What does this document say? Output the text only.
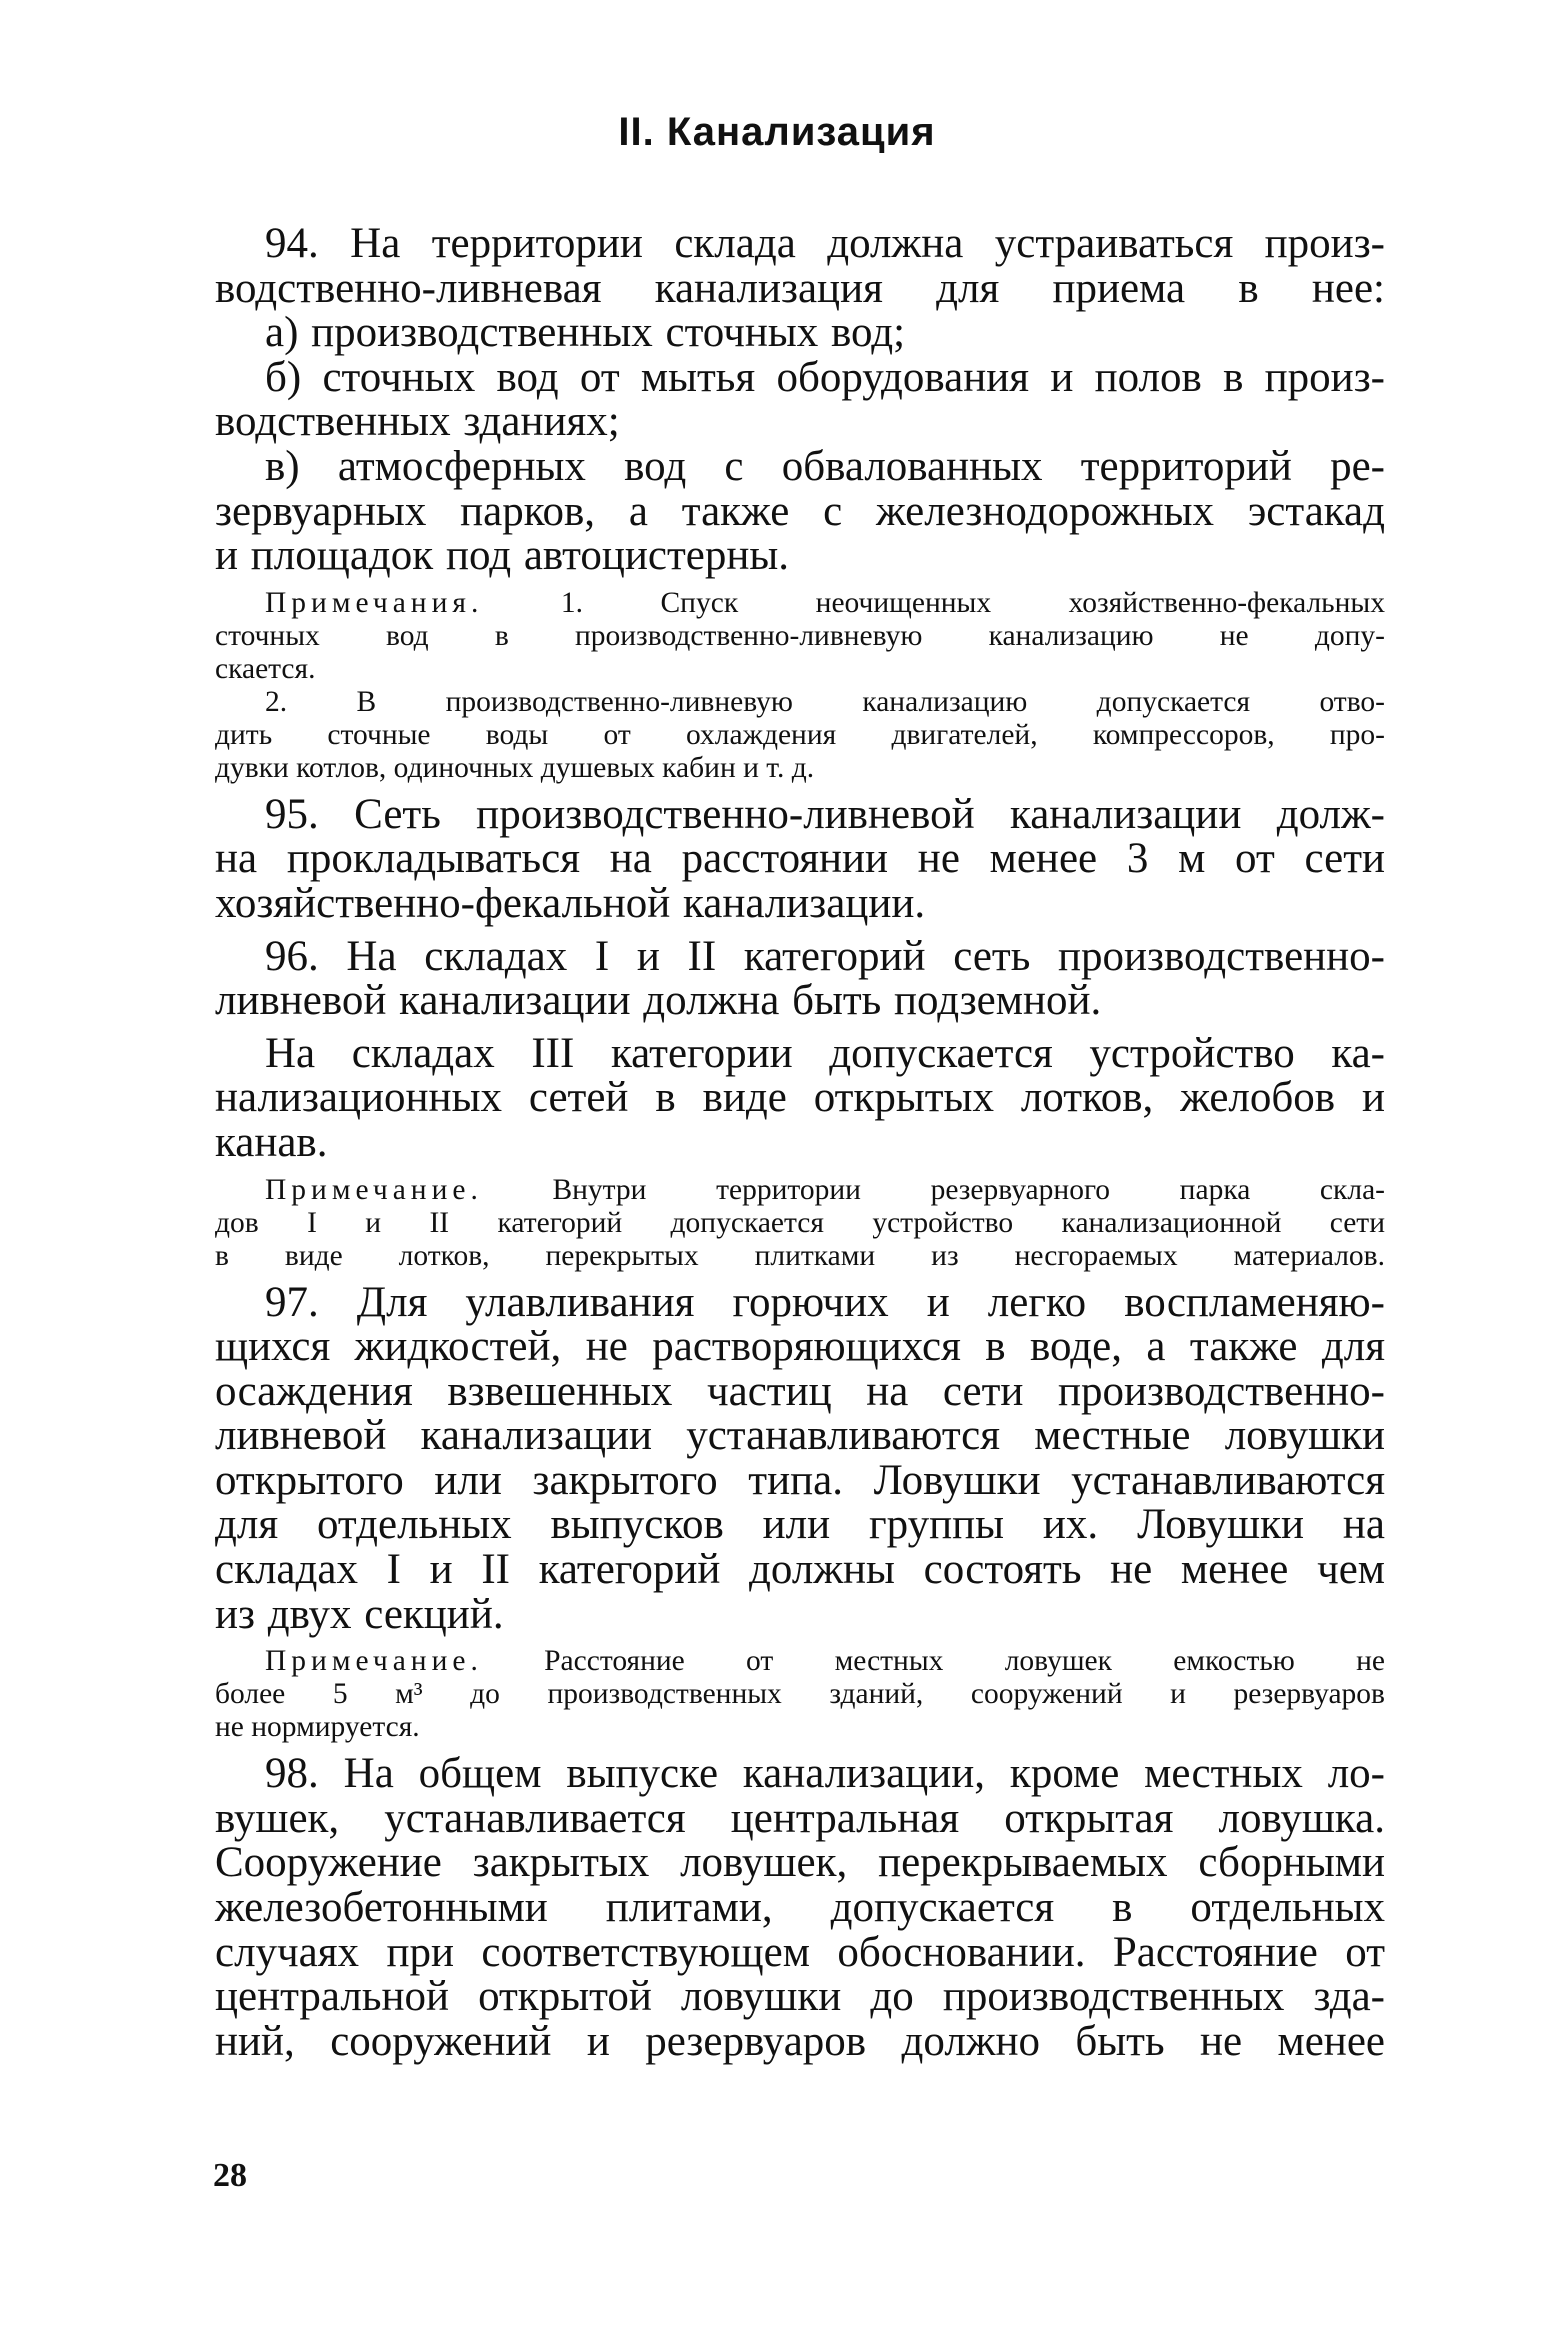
II. Канализация
94. На территории склада должна устраиваться произ-
водственно-ливневая канализация для приема в нее:
а) производственных сточных вод;
б) сточных вод от мытья оборудования и полов в произ-
водственных зданиях;
в) атмосферных вод с обвалованных территорий ре-
зервуарных парков, а также с железнодорожных эстакад
и площадок под автоцистерны.
Примечания. 1. Спуск неочищенных хозяйственно-фекальных
сточных вод в производственно-ливневую канализацию не допу-
скается.
2. В производственно-ливневую канализацию допускается отво-
дить сточные воды от охлаждения двигателей, компрессоров, про-
дувки котлов, одиночных душевых кабин и т. д.
95. Сеть производственно-ливневой канализации долж-
на прокладываться на расстоянии не менее 3 м от сети
хозяйственно-фекальной канализации.
96. На складах I и II категорий сеть производственно-
ливневой канализации должна быть подземной.
На складах III категории допускается устройство ка-
нализационных сетей в виде открытых лотков, желобов и
канав.
Примечание. Внутри территории резервуарного парка скла-
дов I и II категорий допускается устройство канализационной сети
в виде лотков, перекрытых плитками из несгораемых материалов.
97. Для улавливания горючих и легко воспламеняю-
щихся жидкостей, не растворяющихся в воде, а также для
осаждения взвешенных частиц на сети производственно-
ливневой канализации устанавливаются местные ловушки
открытого или закрытого типа. Ловушки устанавливаются
для отдельных выпусков или группы их. Ловушки на
складах I и II категорий должны состоять не менее чем
из двух секций.
Примечание. Расстояние от местных ловушек емкостью не
более 5 м³ до производственных зданий, сооружений и резервуаров
не нормируется.
98. На общем выпуске канализации, кроме местных ло-
вушек, устанавливается центральная открытая ловушка.
Сооружение закрытых ловушек, перекрываемых сборными
железобетонными плитами, допускается в отдельных
случаях при соответствующем обосновании. Расстояние от
центральной открытой ловушки до производственных зда-
ний, сооружений и резервуаров должно быть не менее
28
